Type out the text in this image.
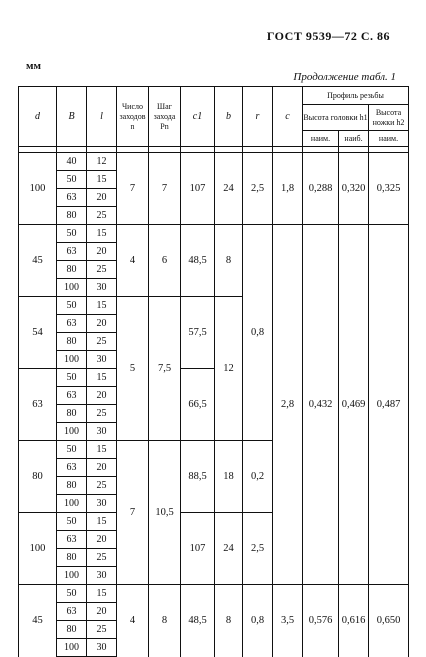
ГОСТ 9539—72 С. 86
мм
Продолжение табл. 1
d	B	l	Число заходов n	Шаг захода Pn	c1	b	r	c	Профиль резьбы		
									Высота головки h1		Высота ножки h2
									наим.	наиб.	наим.

100	40	12	7	7	107	24	2,5	1,8	0,288	0,320	0,325
	50	15									
	63	20									
	80	25									
45	50	15	4	6	48,5	8	0,8	2,8	0,432	0,469	0,487
	63	20									
	80	25									
	100	30									
54	50	15	5	7,5	57,5	12					
	63	20									
	80	25									
	100	30									
63	50	15			66,5						
	63	20									
	80	25									
	100	30									
80	50	15	7	10,5	88,5	18	0,2				
	63	20									
	80	25									
	100	30									
100	50	15			107	24	2,5				
	63	20									
	80	25									
	100	30									
45	50	15	4	8	48,5	8	0,8	3,5	0,576	0,616	0,650
	63	20									
	80	25									
	100	30									
